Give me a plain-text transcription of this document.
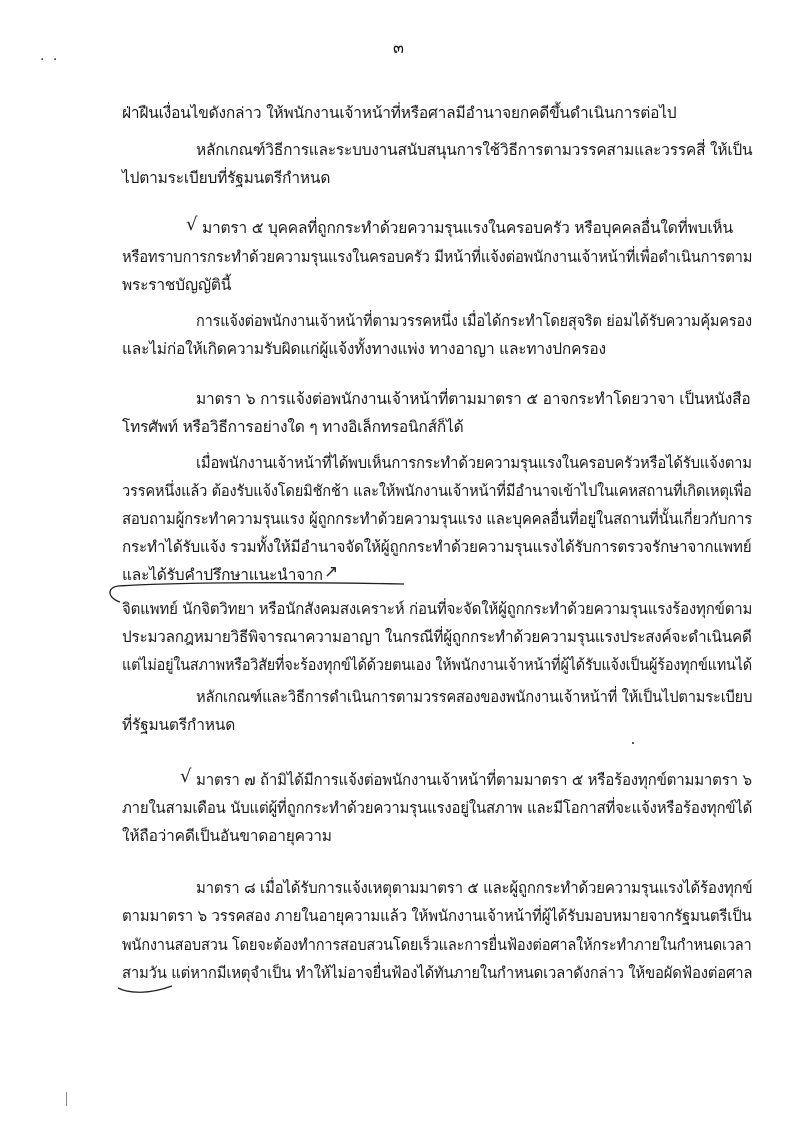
๓
. .
ฝ่าฝืนเงื่อนไขดังกล่าว ให้พนักงานเจ้าหน้าที่หรือศาลมีอำนาจยกคดีขึ้นดำเนินการต่อไป
หลักเกณฑ์วิธีการและระบบงานสนับสนุนการใช้วิธีการตามวรรคสามและวรรคสี่ ให้เป็น
ไปตามระเบียบที่รัฐมนตรีกำหนด
√ มาตรา ๕ บุคคลที่ถูกกระทำด้วยความรุนแรงในครอบครัว หรือบุคคลอื่นใดที่พบเห็น
หรือทราบการกระทำด้วยความรุนแรงในครอบครัว มีหน้าที่แจ้งต่อพนักงานเจ้าหน้าที่เพื่อดำเนินการตาม
พระราชบัญญัตินี้
การแจ้งต่อพนักงานเจ้าหน้าที่ตามวรรคหนึ่ง เมื่อได้กระทำโดยสุจริต ย่อมได้รับความคุ้มครอง
และไม่ก่อให้เกิดความรับผิดแก่ผู้แจ้งทั้งทางแพ่ง ทางอาญา และทางปกครอง
มาตรา ๖ การแจ้งต่อพนักงานเจ้าหน้าที่ตามมาตรา ๕ อาจกระทำโดยวาจา เป็นหนังสือ
โทรศัพท์ หรือวิธีการอย่างใด ๆ ทางอิเล็กทรอนิกส์ก็ได้
เมื่อพนักงานเจ้าหน้าที่ได้พบเห็นการกระทำด้วยความรุนแรงในครอบครัวหรือได้รับแจ้งตาม
วรรคหนึ่งแล้ว ต้องรับแจ้งโดยมิชักช้า และให้พนักงานเจ้าหน้าที่มีอำนาจเข้าไปในเคหสถานที่เกิดเหตุเพื่อ
สอบถามผู้กระทำความรุนแรง ผู้ถูกกระทำด้วยความรุนแรง และบุคคลอื่นที่อยู่ในสถานที่นั้นเกี่ยวกับการ
กระทำได้รับแจ้ง รวมทั้งให้มีอำนาจจัดให้ผู้ถูกกระทำด้วยความรุนแรงได้รับการตรวจรักษาจากแพทย์
และได้รับคำปรึกษาแนะนำจาก ↗
จิตแพทย์ นักจิตวิทยา หรือนักสังคมสงเคราะห์ ก่อนที่จะจัดให้ผู้ถูกกระทำด้วยความรุนแรงร้องทุกข์ตาม
ประมวลกฎหมายวิธีพิจารณาความอาญา ในกรณีที่ผู้ถูกกระทำด้วยความรุนแรงประสงค์จะดำเนินคดี
แต่ไม่อยู่ในสภาพหรือวิสัยที่จะร้องทุกข์ได้ด้วยตนเอง ให้พนักงานเจ้าหน้าที่ผู้ได้รับแจ้งเป็นผู้ร้องทุกข์แทนได้
หลักเกณฑ์และวิธีการดำเนินการตามวรรคสองของพนักงานเจ้าหน้าที่ ให้เป็นไปตามระเบียบ
ที่รัฐมนตรีกำหนด
√ มาตรา ๗ ถ้ามิได้มีการแจ้งต่อพนักงานเจ้าหน้าที่ตามมาตรา ๕ หรือร้องทุกข์ตามมาตรา ๖
ภายในสามเดือน นับแต่ผู้ที่ถูกกระทำด้วยความรุนแรงอยู่ในสภาพ และมีโอกาสที่จะแจ้งหรือร้องทุกข์ได้
ให้ถือว่าคดีเป็นอันขาดอายุความ
มาตรา ๘ เมื่อได้รับการแจ้งเหตุตามมาตรา ๕ และผู้ถูกกระทำด้วยความรุนแรงได้ร้องทุกข์
ตามมาตรา ๖ วรรคสอง ภายในอายุความแล้ว ให้พนักงานเจ้าหน้าที่ผู้ได้รับมอบหมายจากรัฐมนตรีเป็น
พนักงานสอบสวน โดยจะต้องทำการสอบสวนโดยเร็วและการยื่นฟ้องต่อศาลให้กระทำภายในกำหนดเวลา
สามวัน แต่หากมีเหตุจำเป็น ทำให้ไม่อาจยื่นฟ้องได้ทันภายในกำหนดเวลาดังกล่าว ให้ขอผัดฟ้องต่อศาล
